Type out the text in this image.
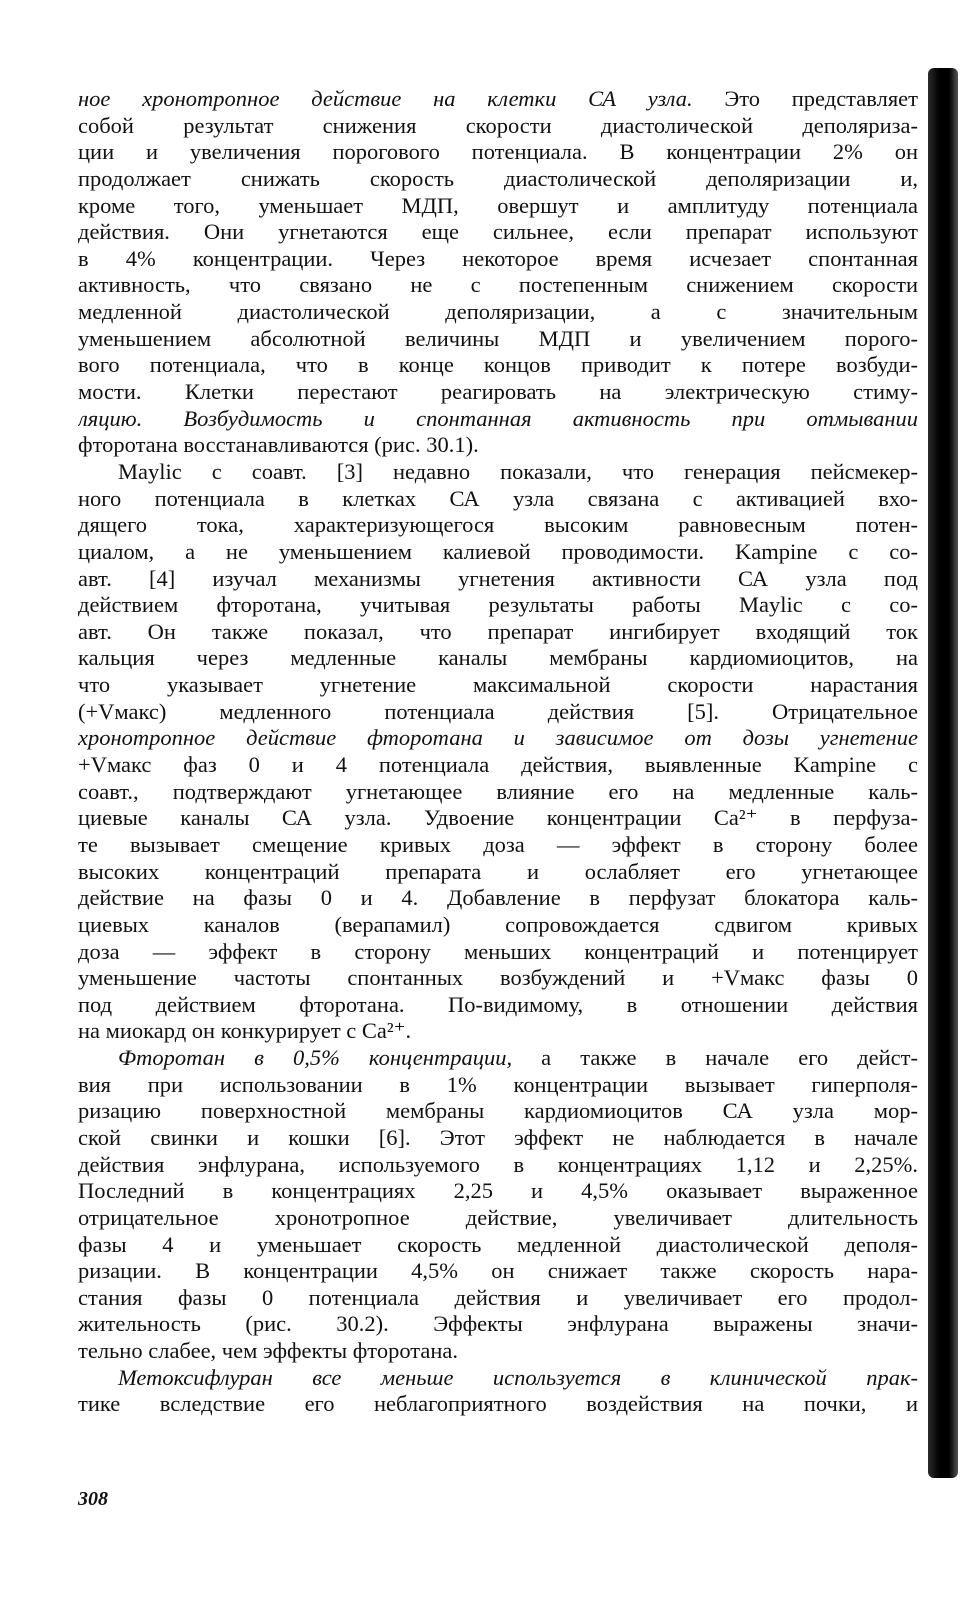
ное хронотропное действие на клетки СА узла. Это представляет
собой результат снижения скорости диастолической деполяриза-
ции и увеличения порогового потенциала. В концентрации 2% он
продолжает снижать скорость диастолической деполяризации и,
кроме того, уменьшает МДП, овершут и амплитуду потенциала
действия. Они угнетаются еще сильнее, если препарат используют
в 4% концентрации. Через некоторое время исчезает спонтанная
активность, что связано не с постепенным снижением скорости
медленной диастолической деполяризации, а с значительным
уменьшением абсолютной величины МДП и увеличением порого-
вого потенциала, что в конце концов приводит к потере возбуди-
мости. Клетки перестают реагировать на электрическую стиму-
ляцию. Возбудимость и спонтанная активность при отмывании
фторотана восстанавливаются (рис. 30.1).
Mayliс с соавт. [3] недавно показали, что генерация пейсмекер-
ного потенциала в клетках СА узла связана с активацией вхо-
дящего тока, характеризующегося высоким равновесным потен-
циалом, а не уменьшением калиевой проводимости. Kampine с со-
авт. [4] изучал механизмы угнетения активности СА узла под
действием фторотана, учитывая результаты работы Mayliс с со-
авт. Он также показал, что препарат ингибирует входящий ток
кальция через медленные каналы мембраны кардиомиоцитов, на
что указывает угнетение максимальной скорости нарастания
(+Vмакс) медленного потенциала действия [5]. Отрицательное
хронотропное действие фторотана и зависимое от дозы угнетение
+Vмакс фаз 0 и 4 потенциала действия, выявленные Kampine с
соавт., подтверждают угнетающее влияние его на медленные каль-
циевые каналы СА узла. Удвоение концентрации Ca²⁺ в перфуза-
те вызывает смещение кривых доза — эффект в сторону более
высоких концентраций препарата и ослабляет его угнетающее
действие на фазы 0 и 4. Добавление в перфузат блокатора каль-
циевых каналов (верапамил) сопровождается сдвигом кривых
доза — эффект в сторону меньших концентраций и потенцирует
уменьшение частоты спонтанных возбуждений и +Vмакс фазы 0
под действием фторотана. По-видимому, в отношении действия
на миокард он конкурирует с Ca²⁺.
Фторотан в 0,5% концентрации, а также в начале его дейст-
вия при использовании в 1% концентрации вызывает гиперполя-
ризацию поверхностной мембраны кардиомиоцитов СА узла мор-
ской свинки и кошки [6]. Этот эффект не наблюдается в начале
действия энфлурана, используемого в концентрациях 1,12 и 2,25%.
Последний в концентрациях 2,25 и 4,5% оказывает выраженное
отрицательное хронотропное действие, увеличивает длительность
фазы 4 и уменьшает скорость медленной диастолической деполя-
ризации. В концентрации 4,5% он снижает также скорость нара-
стания фазы 0 потенциала действия и увеличивает его продол-
жительность (рис. 30.2). Эффекты энфлурана выражены значи-
тельно слабее, чем эффекты фторотана.
Метоксифлуран все меньше используется в клинической прак-
тике вследствие его неблагоприятного воздействия на почки, и
308
